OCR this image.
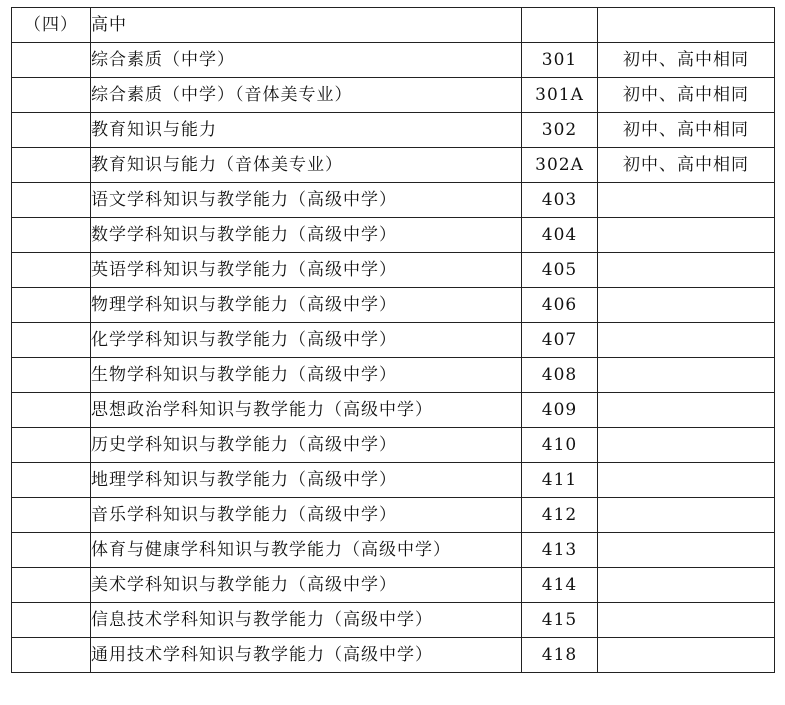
（四）	高中		
	综合素质（中学）	301	初中、高中相同
	综合素质（中学）（音体美专业）	301A	初中、高中相同
	教育知识与能力	302	初中、高中相同
	教育知识与能力（音体美专业）	302A	初中、高中相同
	语文学科知识与教学能力（高级中学）	403	
	数学学科知识与教学能力（高级中学）	404	
	英语学科知识与教学能力（高级中学）	405	
	物理学科知识与教学能力（高级中学）	406	
	化学学科知识与教学能力（高级中学）	407	
	生物学科知识与教学能力（高级中学）	408	
	思想政治学科知识与教学能力（高级中学）	409	
	历史学科知识与教学能力（高级中学）	410	
	地理学科知识与教学能力（高级中学）	411	
	音乐学科知识与教学能力（高级中学）	412	
	体育与健康学科知识与教学能力（高级中学）	413	
	美术学科知识与教学能力（高级中学）	414	
	信息技术学科知识与教学能力（高级中学）	415	
	通用技术学科知识与教学能力（高级中学）	418	
